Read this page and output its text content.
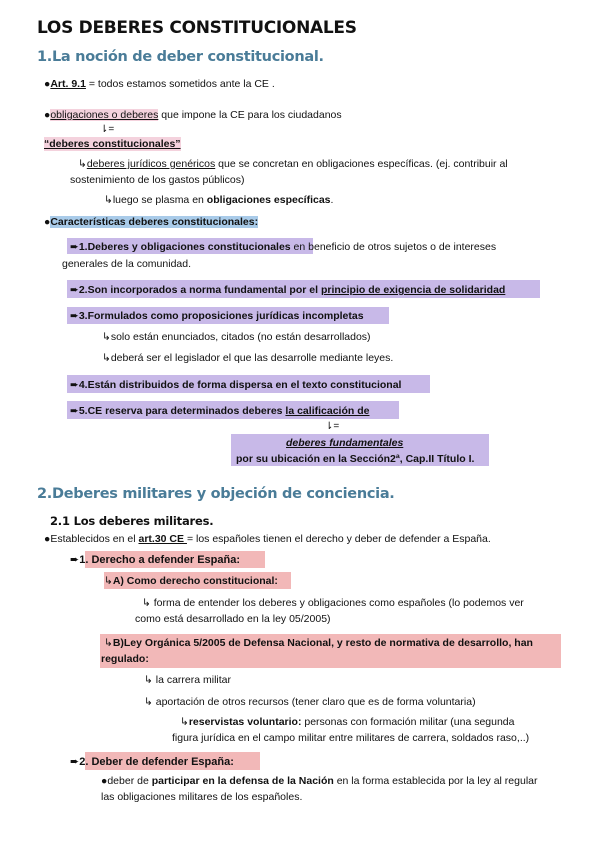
LOS DEBERES CONSTITUCIONALES
1.La noción de deber constitucional.
●Art. 9.1 = todos estamos sometidos ante la CE .
●obligaciones o deberes que impone la CE para los ciudadanos
⇂=
“deberes constitucionales”
↳deberes jurídicos genéricos que se concretan en obligaciones específicas. (ej. contribuir al
sostenimiento de los gastos públicos)
↳luego se plasma en obligaciones específicas.
●Características deberes constitucionales:
➨1.Deberes y obligaciones constitucionales en beneficio de otros sujetos o de intereses
generales de la comunidad.
➨2.Son incorporados a norma fundamental por el principio de exigencia de solidaridad
➨3.Formulados como proposiciones jurídicas incompletas
↳solo están enunciados, citados (no están desarrollados)
↳deberá ser el legislador el que las desarrolle mediante leyes.
➨4.Están distribuidos de forma dispersa en el texto constitucional
➨5.CE reserva para determinados deberes la calificación de
⇂=
deberes fundamentales
por su ubicación en la Sección2ª, Cap.II Título I.
2.Deberes militares y objeción de conciencia.
2.1 Los deberes militares.
●Establecidos en el art.30 CE = los españoles tienen el derecho y deber de defender a España.
➨1. Derecho a defender España:
↳A) Como derecho constitucional:
↳ forma de entender los deberes y obligaciones como españoles (lo podemos ver
como está desarrollado en la ley 05/2005)
↳B)Ley Orgánica 5/2005 de Defensa Nacional, y resto de normativa de desarrollo, han
regulado:
↳ la carrera militar
↳ aportación de otros recursos (tener claro que es de forma voluntaria)
↳reservistas voluntario: personas con formación militar (una segunda
figura jurídica en el campo militar entre militares de carrera, soldados raso,..)
➨2. Deber de defender España:
●deber de participar en la defensa de la Nación en la forma establecida por la ley al regular
las obligaciones militares de los españoles.
